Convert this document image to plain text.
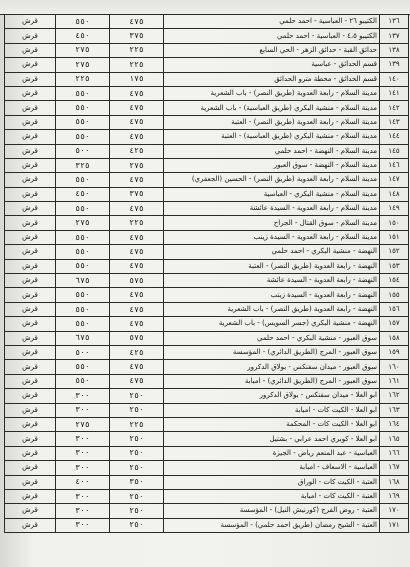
١٣٦	الكتيبو ٢٦ - العباسية - احمد حلمي	٤٧٥	٥٥٠	قرش
١٣٧	الكتيبو ٤،٥ - العباسية - احمد حلمي	٣٧٥	٤٥٠	قرش
١٣٨	حدائق القبة - حدائق الزهر - الحي السابع	٢٢٥	٢٧٥	قرش
١٣٩	قسم الحدائق - عباسية	٢٢٥	٢٧٥	قرش
١٤٠	قسم الحدائق - محطة مترو الحدائق	١٧٥	٢٢٥	قرش
١٤١	مدينة السلام - رابعة العدوية (طريق النصر) - باب الشعرية	٤٧٥	٥٥٠	قرش
١٤٢	مدينة السلام - منشية البكري (طريق العباسية) - باب الشعرية	٤٧٥	٥٥٠	قرش
١٤٣	مدينة السلام - رابعة العدوية (طريق النصر) - العتبة	٤٧٥	٥٥٠	قرش
١٤٤	مدينة السلام - منشية البكري (طريق العباسية) - العتبة	٤٧٥	٥٥٠	قرش
١٤٥	مدينة السلام - النهضة - احمد حلمي	٤٢٥	٥٠٠	قرش
١٤٦	مدينة السلام - النهضة - سوق العبور	٢٧٥	٣٢٥	قرش
١٤٧	مدينة السلام - رابعة العدوية (طريق النصر) - الحسين (الجعفري)	٤٧٥	٥٥٠	قرش
١٤٨	مدينة السلام - منشية البكري - العباسية	٣٧٥	٤٥٠	قرش
١٤٩	مدينة السلام - رابعة العدوية - السيدة عائشة	٤٧٥	٥٥٠	قرش
١٥٠	مدينة السلام - سوق القتال - الجراح	٢٢٥	٢٧٥	قرش
١٥١	مدينة السلام - رابعة العدوية - السيدة زينب	٤٧٥	٥٥٠	قرش
١٥٢	النهضة - منشية البكري - احمد حلمي	٤٧٥	٥٥٠	قرش
١٥٣	النهضة - رابعة العدوية (طريق النصر) - العتبة	٤٧٥	٥٥٠	قرش
١٥٤	النهضة - رابعة العدوية - السيدة عائشة	٥٧٥	٦٧٥	قرش
١٥٥	النهضة - رابعة العدوية - السيدة زينب	٤٧٥	٥٥٠	قرش
١٥٦	النهضة - رابعة العدوية (طريق النصر) - باب الشعرية	٤٧٥	٥٥٠	قرش
١٥٧	النهضة - منشية البكري (جسر السويس) - باب الشعرية	٤٧٥	٥٥٠	قرش
١٥٨	سوق العبور - منشية البكري - احمد حلمي	٥٧٥	٦٧٥	قرش
١٥٩	سوق العبور - المرج (الطريق الدائري) - المؤسسة	٤٢٥	٥٠٠	قرش
١٦٠	سوق العبور - ميدان سفنكس - بولاق الدكرور	٤٧٥	٥٥٠	قرش
١٦١	سوق العبور - المرج (الطريق الدائري) - امبابة	٤٧٥	٥٥٠	قرش
١٦٢	ابو العلا - ميدان سفنكس - بولاق الدكرور	٢٥٠	٣٠٠	قرش
١٦٣	ابو العلا - الكيت كات - امبابة	٢٥٠	٣٠٠	قرش
١٦٤	ابو العلا - الكيت كات - المحكمة	٢٢٥	٢٧٥	قرش
١٦٥	ابو العلا - كوبري احمد عرابي - بشتيل	٢٥٠	٣٠٠	قرش
١٦٦	العباسية - عبد المنعم رياض - الجيزة	٢٥٠	٣٠٠	قرش
١٦٧	العباسية - الاسعاف - امبابة	٢٥٠	٣٠٠	قرش
١٦٨	العتبة - الكيت كات - الوراق	٣٥٠	٤٠٠	قرش
١٦٩	العتبة - الكيت كات - امبابة	٢٥٠	٣٠٠	قرش
١٧٠	العتبة - روض الفرج (كورنيش النيل) - المؤسسة	٢٥٠	٣٠٠	قرش
١٧١	العتبة - الشيخ رمضان (طريق احمد حلمي) - المؤسسة	٢٥٠	٣٠٠	قرش
